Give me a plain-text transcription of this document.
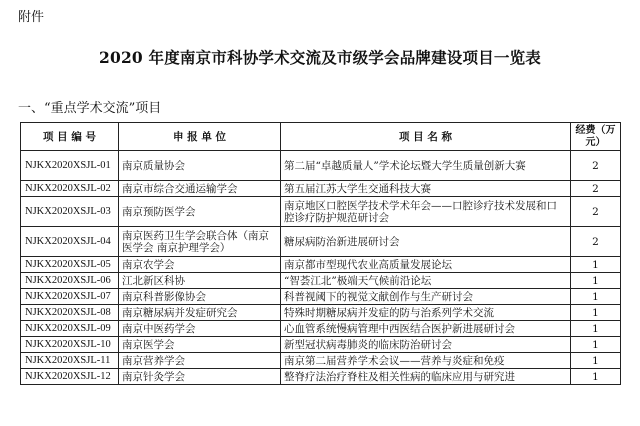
附件
2020 年度南京市科协学术交流及市级学会品牌建设项目一览表
一、“重点学术交流”项目
项 目 编 号	申 报 单 位	项 目 名 称	经费（万元）
NJKX2020XSJL-01	南京质量协会	第二届“卓越质量人”学术论坛暨大学生质量创新大赛	2
NJKX2020XSJL-02	南京市综合交通运输学会	第五届江苏大学生交通科技大赛	2
NJKX2020XSJL-03	南京预防医学会	南京地区口腔医学技术学术年会——口腔诊疗技术发展和口腔诊疗防护规范研讨会	2
NJKX2020XSJL-04	南京医药卫生学会联合体（南京医学会 南京护理学会）	糖尿病防治新进展研讨会	2
NJKX2020XSJL-05	南京农学会	南京都市型现代农业高质量发展论坛	1
NJKX2020XSJL-06	江北新区科协	“智荟江北”极端天气候前沿论坛	1
NJKX2020XSJL-07	南京科普影像协会	科普视阈下的视觉文献创作与生产研讨会	1
NJKX2020XSJL-08	南京糖尿病并发症研究会	特殊时期糖尿病并发症的防与治系列学术交流	1
NJKX2020XSJL-09	南京中医药学会	心血管系统慢病管理中西医结合医护新进展研讨会	1
NJKX2020XSJL-10	南京医学会	新型冠状病毒肺炎的临床防治研讨会	1
NJKX2020XSJL-11	南京营养学会	南京第二届营养学术会议——营养与炎症和免疫	1
NJKX2020XSJL-12	南京针灸学会	整脊疗法治疗脊柱及相关性病的临床应用与研究进	1
